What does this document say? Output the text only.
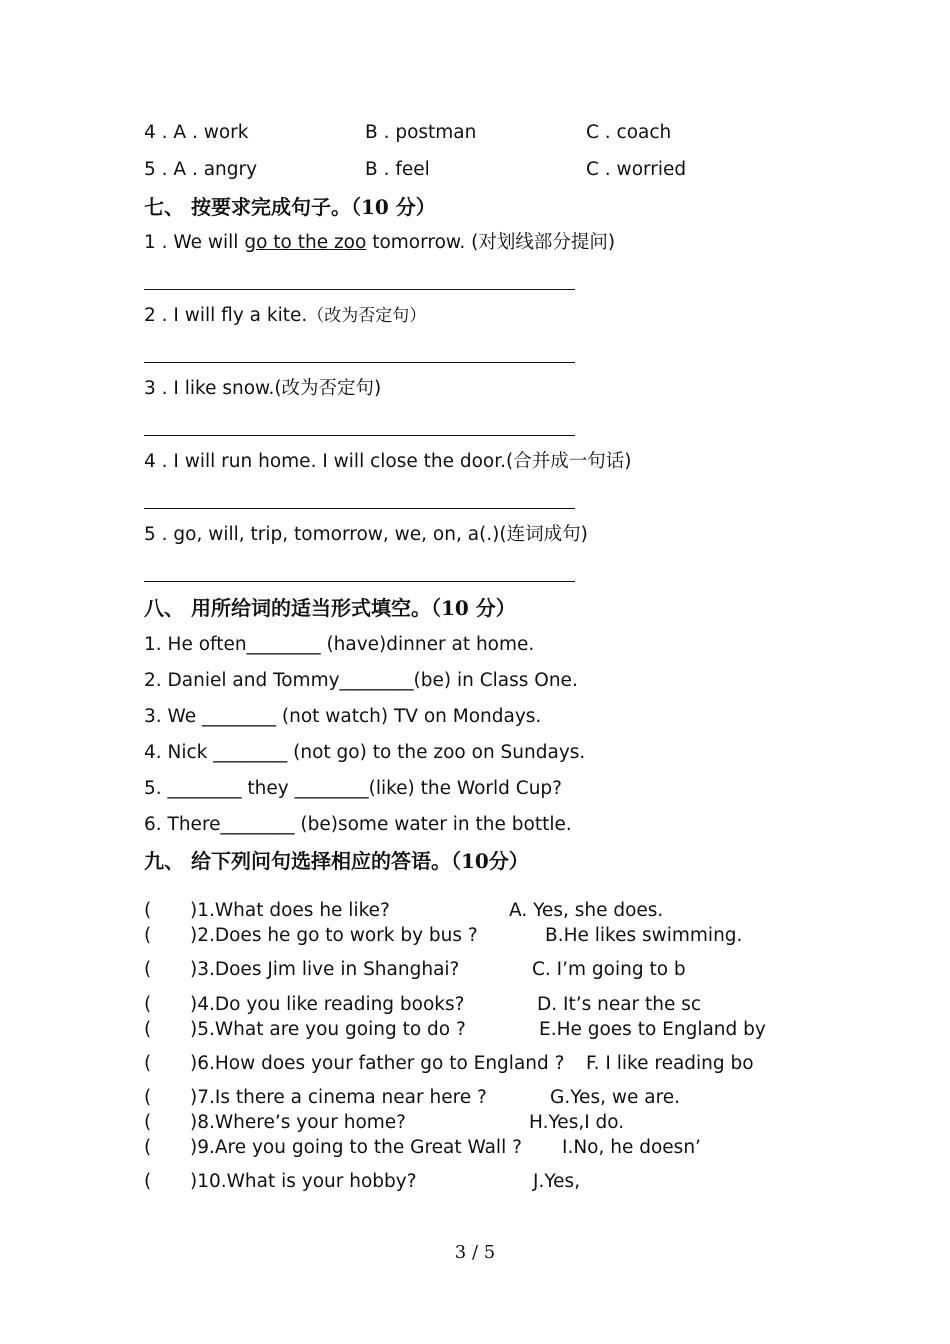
4 . A . work	B . postman	C . coach
5 . A . angry	B . feel	C . worried
七、 按要求完成句子。（10 分）
1 . We will go to the zoo tomorrow. (对划线部分提问)
2 . I will fly a kite.（改为否定句）
3 . I like snow.(改为否定句)
4 . I will run home. I will close the door.(合并成一句话)
5 . go, will, trip, tomorrow, we, on, a(.)(连词成句)
八、 用所给词的适当形式填空。（10 分）
1. He often________ (have)dinner at home.
2. Daniel and Tommy________(be) in Class One.
3. We ________ (not watch) TV on Mondays.
4. Nick ________ (not go) to the zoo on Sundays.
5. ________ they ________(like) the World Cup?
6. There________ (be)some water in the bottle.
九、 给下列问句选择相应的答语。（10分）
( )1.What does he like?	A. Yes, she does.
( )2.Does he go to work by bus ?	B.He likes swimming.
( )3.Does Jim live in Shanghai?	C. I’m going to b
( )4.Do you like reading books?	D. It’s near the sc
( )5.What are you going to do ?	E.He goes to England by
( )6.How does your father go to England ? F. I like reading bo
( )7.Is there a cinema near here ?	G.Yes, we are.
( )8.Where’s your home?	H.Yes,I do.
( )9.Are you going to the Great Wall ? I.No, he doesn’
( )10.What is your hobby?	J.Yes,
3 / 5
